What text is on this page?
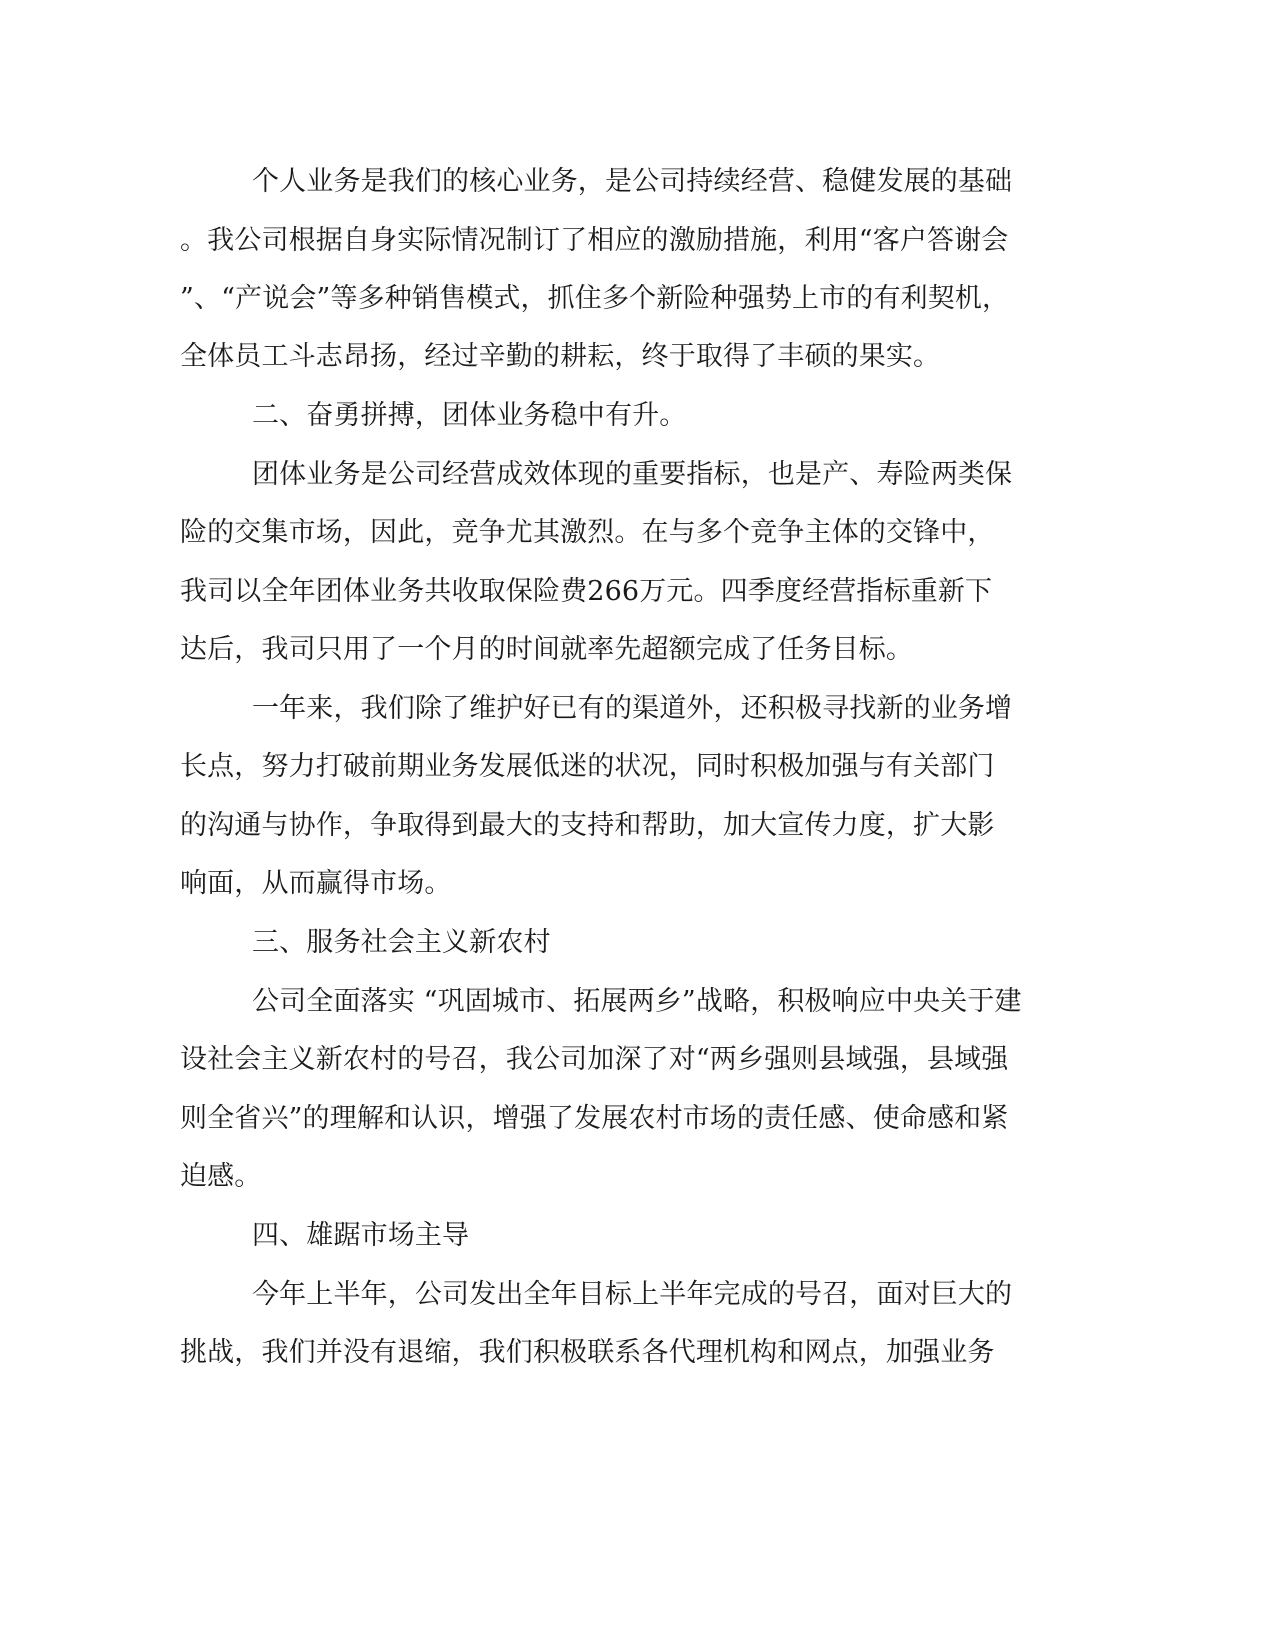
个人业务是我们的核心业务，是公司持续经营、稳健发展的基础
。我公司根据自身实际情况制订了相应的激励措施，利用“客户答谢会
”、“产说会”等多种销售模式，抓住多个新险种强势上市的有利契机，
全体员工斗志昂扬，经过辛勤的耕耘，终于取得了丰硕的果实。
二、奋勇拼搏，团体业务稳中有升。
团体业务是公司经营成效体现的重要指标，也是产、寿险两类保
险的交集市场，因此，竞争尤其激烈。在与多个竞争主体的交锋中，
我司以全年团体业务共收取保险费266万元。四季度经营指标重新下
达后，我司只用了一个月的时间就率先超额完成了任务目标。
一年来，我们除了维护好已有的渠道外，还积极寻找新的业务增
长点，努力打破前期业务发展低迷的状况，同时积极加强与有关部门
的沟通与协作，争取得到最大的支持和帮助，加大宣传力度，扩大影
响面，从而赢得市场。
三、服务社会主义新农村
公司全面落实 “巩固城市、拓展两乡”战略，积极响应中央关于建
设社会主义新农村的号召，我公司加深了对“两乡强则县域强，县域强
则全省兴”的理解和认识，增强了发展农村市场的责任感、使命感和紧
迫感。
四、雄踞市场主导
今年上半年，公司发出全年目标上半年完成的号召，面对巨大的
挑战，我们并没有退缩，我们积极联系各代理机构和网点，加强业务
